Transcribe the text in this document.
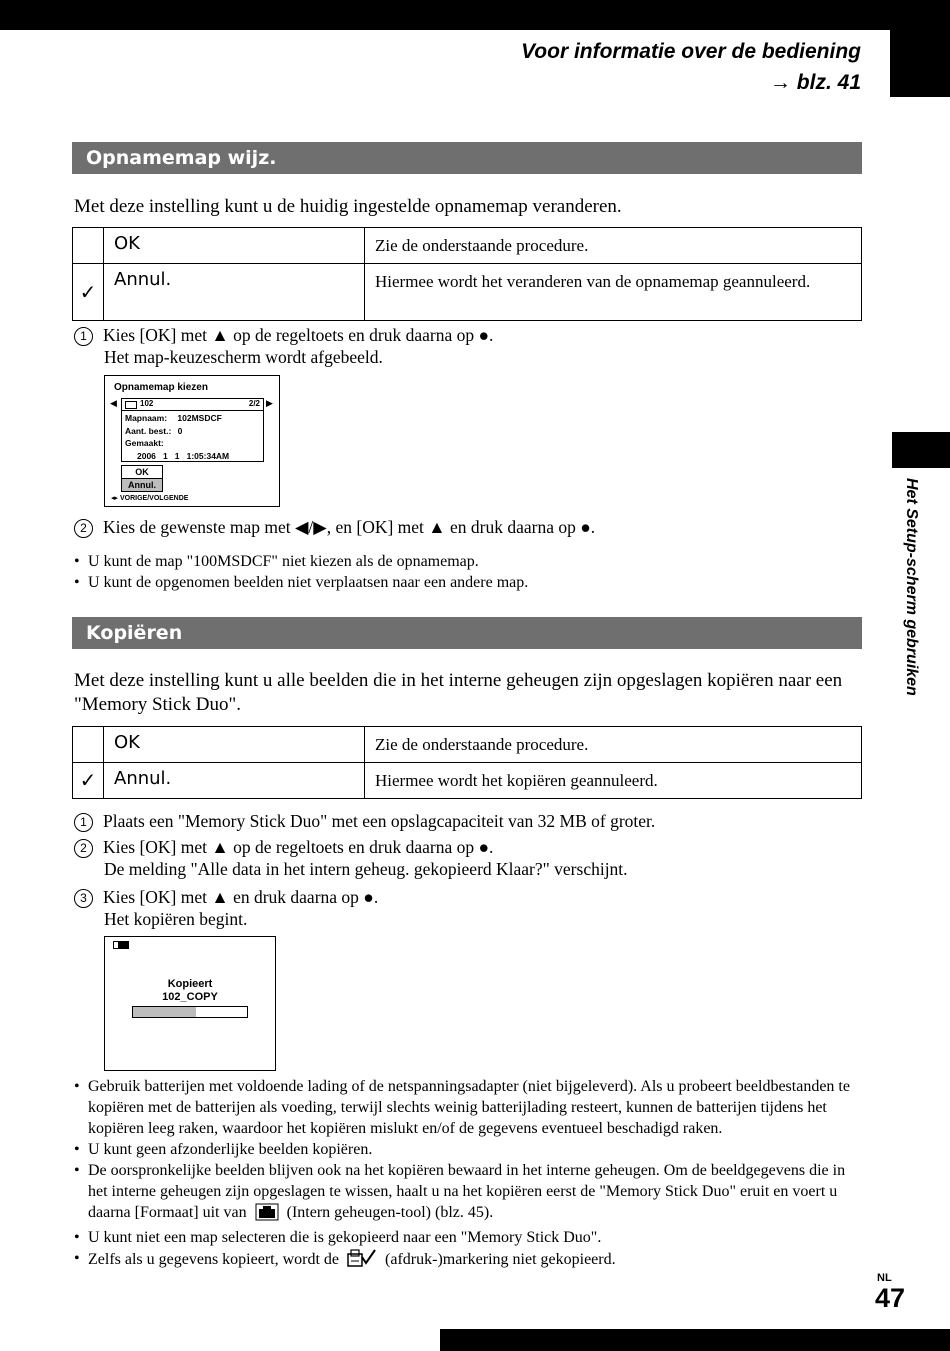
Voor informatie over de bediening
→ blz. 41
Het Setup-scherm gebruiken
Opnamemap wijz.
Met deze instelling kunt u de huidig ingestelde opnamemap veranderen.
	OK	Zie de onderstaande procedure.
✓	Annul.	Hiermee wordt het veranderen van de opnamemap geannuleerd.
1 Kies [OK] met ▲ op de regeltoets en druk daarna op ●.
Het map-keuzescherm wordt afgebeeld.
Opnamemap kiezen
◀	▶
102	2/2
Mapnaam: 102MSDCF
Aant. best.: 0
Gemaakt:
2006   1   1   1:05:34AM
OK
Annul.
◂▸ VORIGE/VOLGENDE
2 Kies de gewenste map met ◀/▶, en [OK] met ▲ en druk daarna op ●.
• U kunt de map "100MSDCF" niet kiezen als de opnamemap.
• U kunt de opgenomen beelden niet verplaatsen naar een andere map.
Kopiëren
Met deze instelling kunt u alle beelden die in het interne geheugen zijn opgeslagen kopiëren naar een "Memory Stick Duo".
	OK	Zie de onderstaande procedure.
✓	Annul.	Hiermee wordt het kopiëren geannuleerd.
1 Plaats een "Memory Stick Duo" met een opslagcapaciteit van 32 MB of groter.
2 Kies [OK] met ▲ op de regeltoets en druk daarna op ●.
De melding "Alle data in het intern geheug. gekopieerd Klaar?" verschijnt.
3 Kies [OK] met ▲ en druk daarna op ●.
Het kopiëren begint.
Kopieert
102_COPY
• Gebruik batterijen met voldoende lading of de netspanningsadapter (niet bijgeleverd). Als u probeert beeldbestanden te kopiëren met de batterijen als voeding, terwijl slechts weinig batterijlading resteert, kunnen de batterijen tijdens het kopiëren leeg raken, waardoor het kopiëren mislukt en/of de gegevens eventueel beschadigd raken.
• U kunt geen afzonderlijke beelden kopiëren.
• De oorspronkelijke beelden blijven ook na het kopiëren bewaard in het interne geheugen. Om de beeldgegevens die in het interne geheugen zijn opgeslagen te wissen, haalt u na het kopiëren eerst de "Memory Stick Duo" eruit en voert u daarna [Formaat] uit van	(Intern geheugen-tool) (blz. 45).
• U kunt niet een map selecteren die is gekopieerd naar een "Memory Stick Duo".
• Zelfs als u gegevens kopieert, wordt de	(afdruk-)markering niet gekopieerd.
NL
47
